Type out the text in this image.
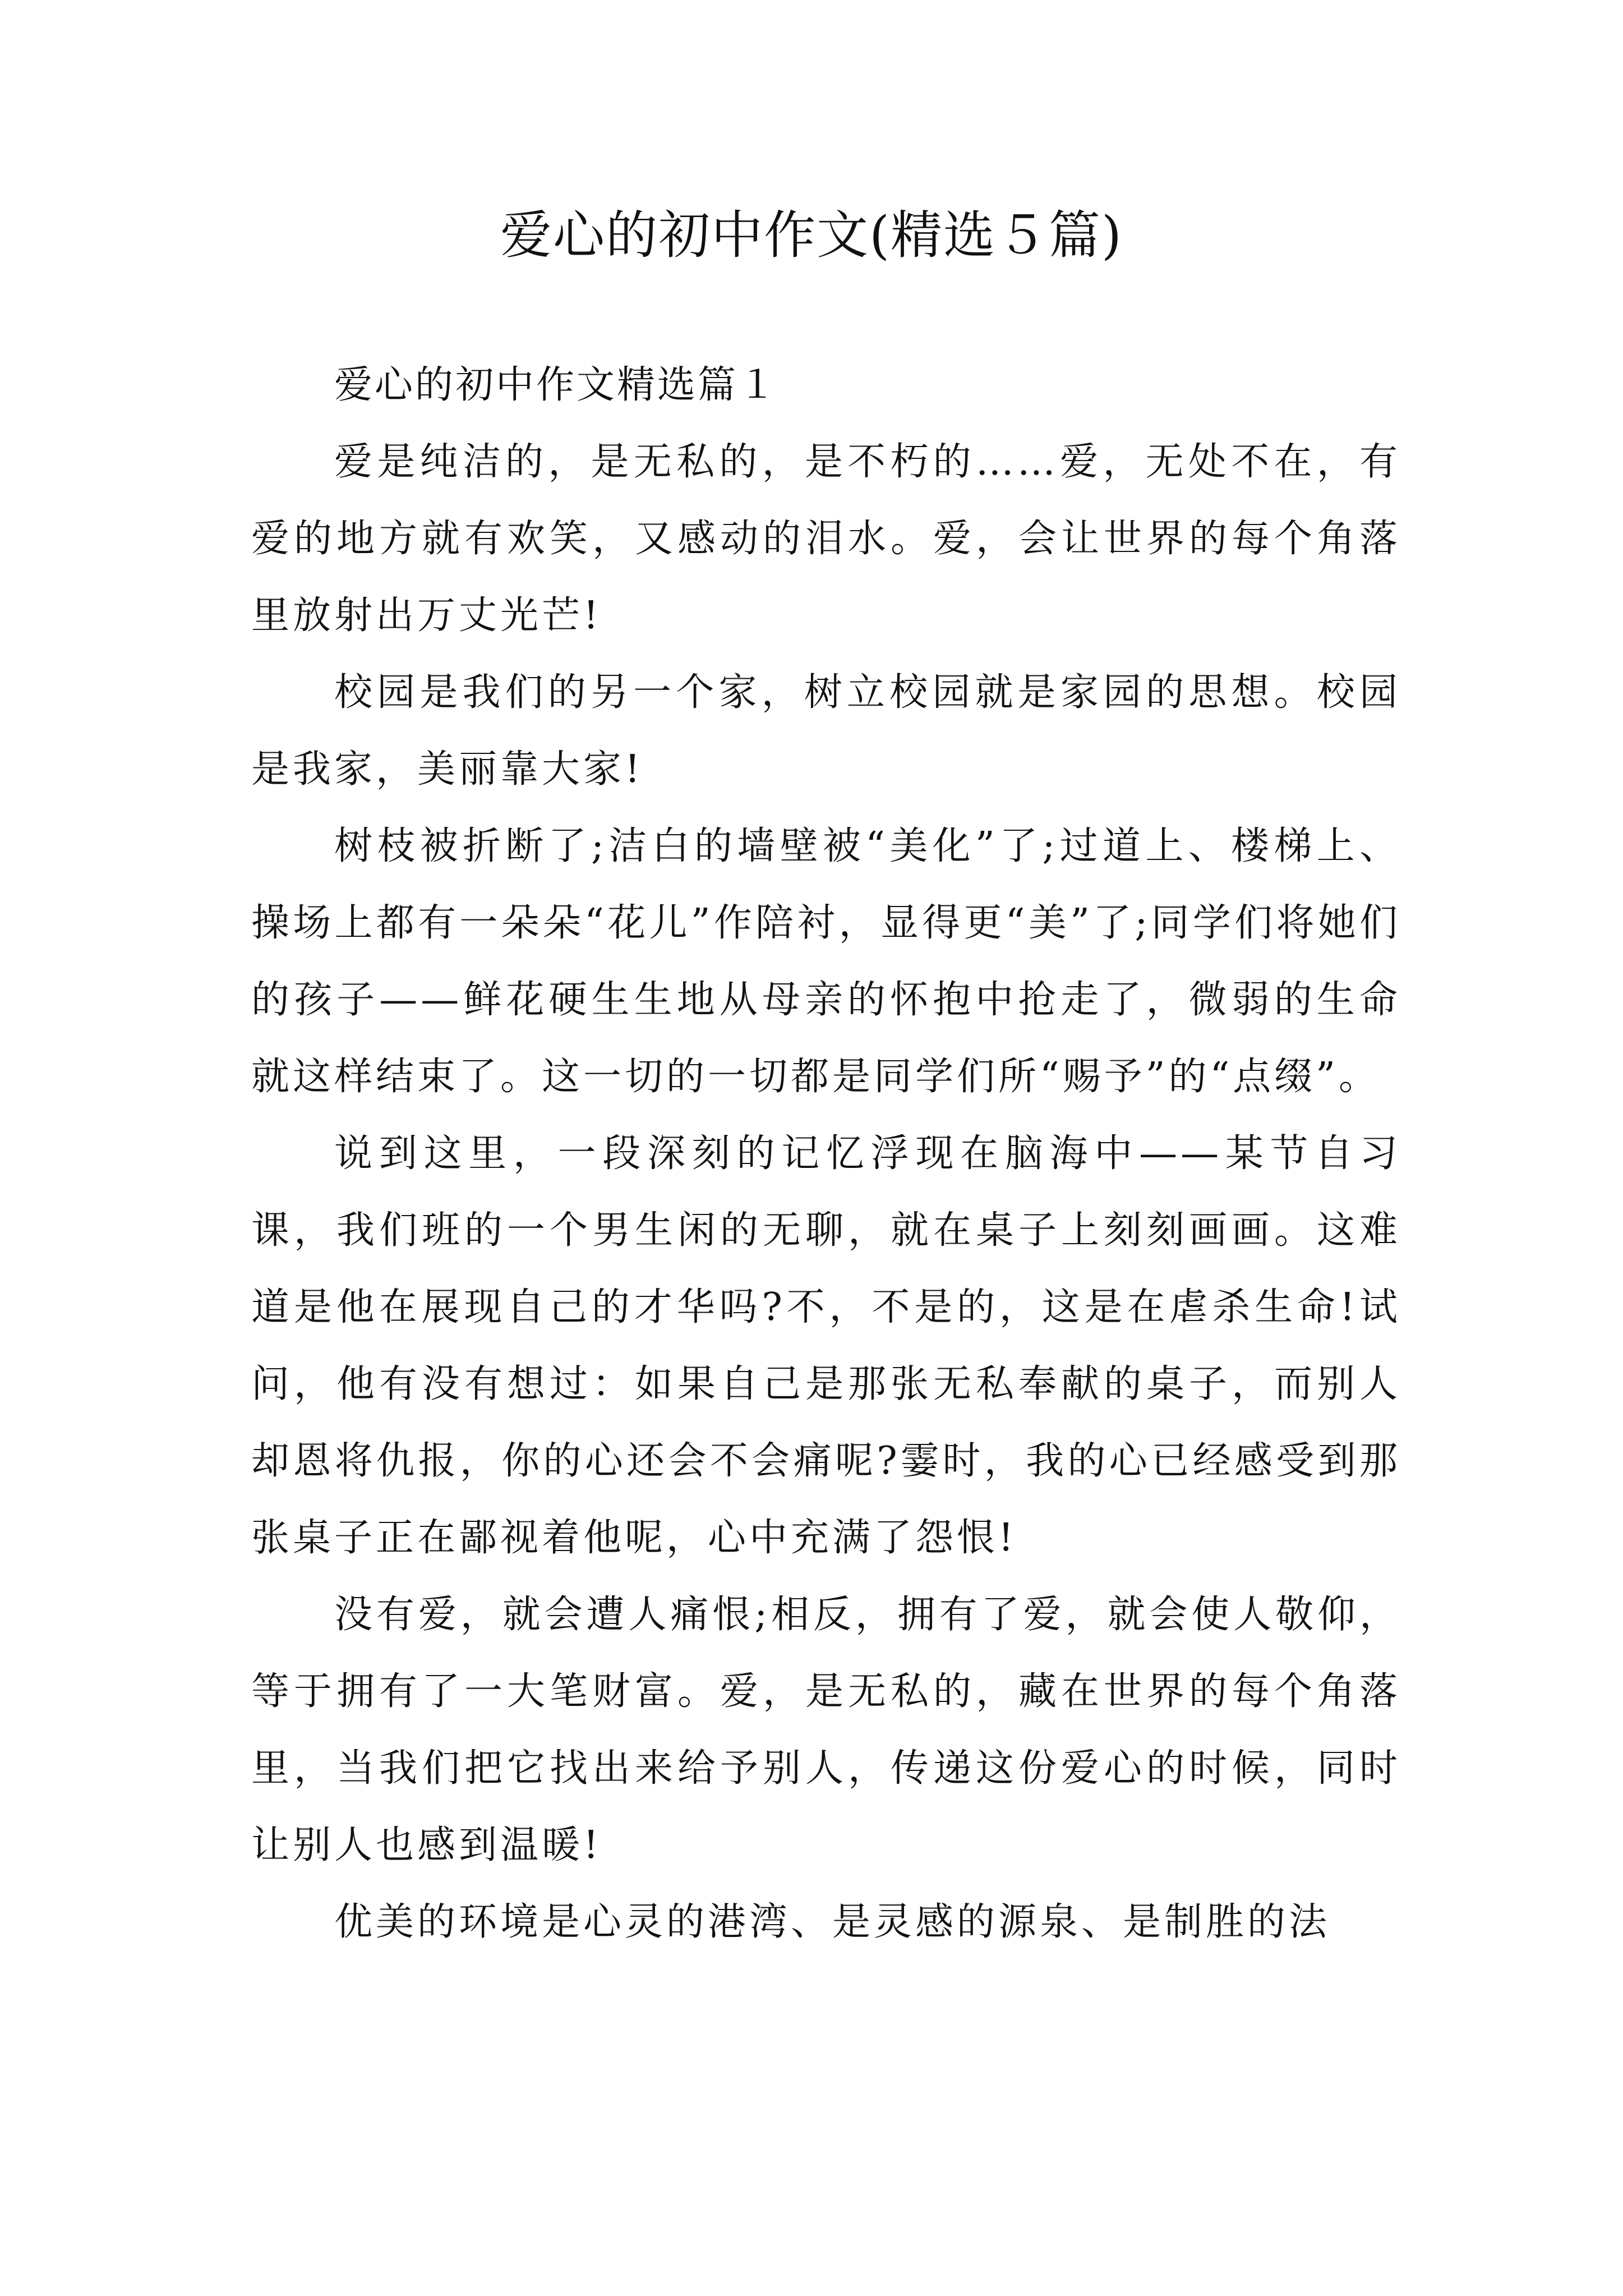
爱心的初中作文(精选５篇)

爱心的初中作文精选篇１

爱是纯洁的，是无私的，是不朽的……爱，无处不在，有爱的地方就有欢笑，又感动的泪水。爱，会让世界的每个角落里放射出万丈光芒!

校园是我们的另一个家，树立校园就是家园的思想。校园是我家，美丽靠大家!

树枝被折断了;洁白的墙壁被“美化”了;过道上、楼梯上、操场上都有一朵朵“花儿”作陪衬，显得更“美”了;同学们将她们的孩子——鲜花硬生生地从母亲的怀抱中抢走了，微弱的生命就这样结束了。这一切的一切都是同学们所“赐予”的“点缀”。

说到这里，一段深刻的记忆浮现在脑海中——某节自习课，我们班的一个男生闲的无聊，就在桌子上刻刻画画。这难道是他在展现自己的才华吗?不，不是的，这是在虐杀生命!试问，他有没有想过：如果自己是那张无私奉献的桌子，而别人却恩将仇报，你的心还会不会痛呢?霎时，我的心已经感受到那张桌子正在鄙视着他呢，心中充满了怨恨!

没有爱，就会遭人痛恨;相反，拥有了爱，就会使人敬仰，等于拥有了一大笔财富。爱，是无私的，藏在世界的每个角落里，当我们把它找出来给予别人，传递这份爱心的时候，同时让别人也感到温暖!

优美的环境是心灵的港湾、是灵感的源泉、是制胜的法
